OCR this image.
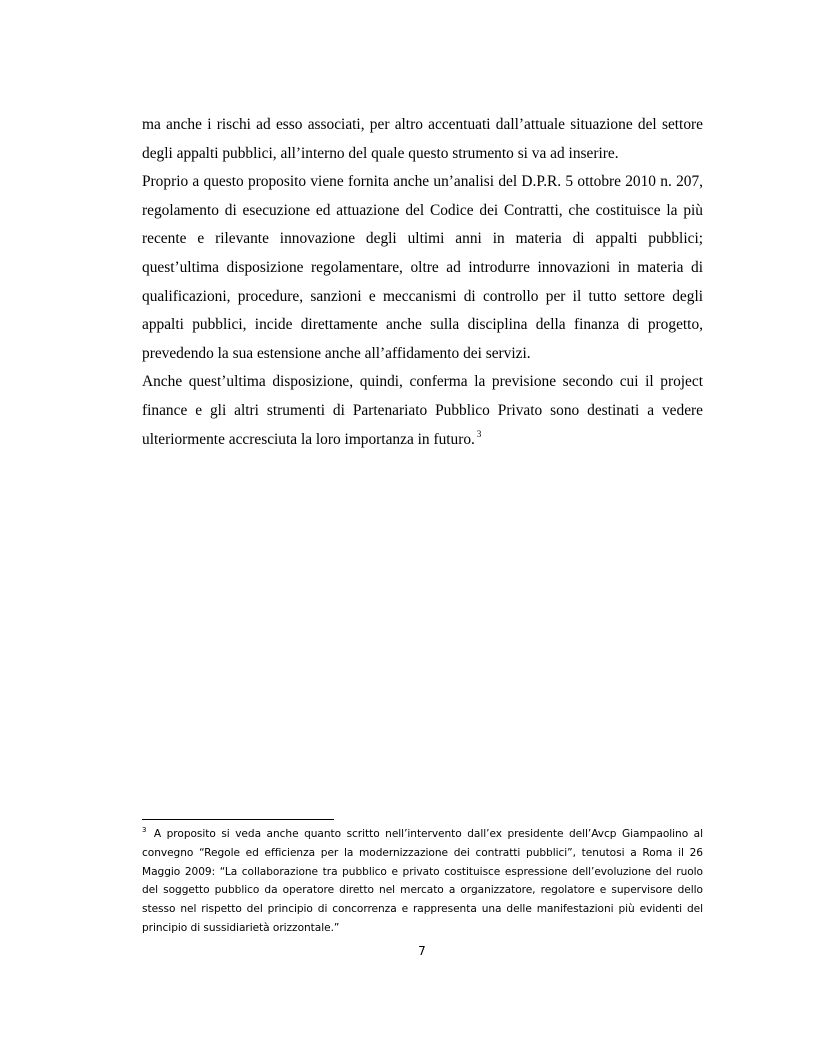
ma anche i rischi ad esso associati, per altro accentuati dall’attuale situazione del settore degli appalti pubblici, all’interno del quale questo strumento si va ad inserire.

Proprio a questo proposito viene fornita anche un’analisi del D.P.R. 5 ottobre 2010 n. 207, regolamento di esecuzione ed attuazione del Codice dei Contratti, che costituisce la più recente e rilevante innovazione degli ultimi anni in materia di appalti pubblici; quest’ultima disposizione regolamentare, oltre ad introdurre innovazioni in materia di qualificazioni, procedure, sanzioni e meccanismi di controllo per il tutto settore degli appalti pubblici, incide direttamente anche sulla disciplina della finanza di progetto, prevedendo la sua estensione anche all’affidamento dei servizi.

Anche quest’ultima disposizione, quindi, conferma la previsione secondo cui il project finance e gli altri strumenti di Partenariato Pubblico Privato sono destinati a vedere ulteriormente accresciuta la loro importanza in futuro. $^3$

$^3$ A proposito si veda anche quanto scritto nell’intervento dall’ex presidente dell’Avcp Giampaolino al convegno “Regole ed efficienza per la modernizzazione dei contratti pubblici”, tenutosi a Roma il 26 Maggio 2009: “La collaborazione tra pubblico e privato costituisce espressione dell’evoluzione del ruolo del soggetto pubblico da operatore diretto nel mercato a organizzatore, regolatore e supervisore dello stesso nel rispetto del principio di concorrenza e rappresenta una delle manifestazioni più evidenti del principio di sussidiarietà orizzontale.”

7
